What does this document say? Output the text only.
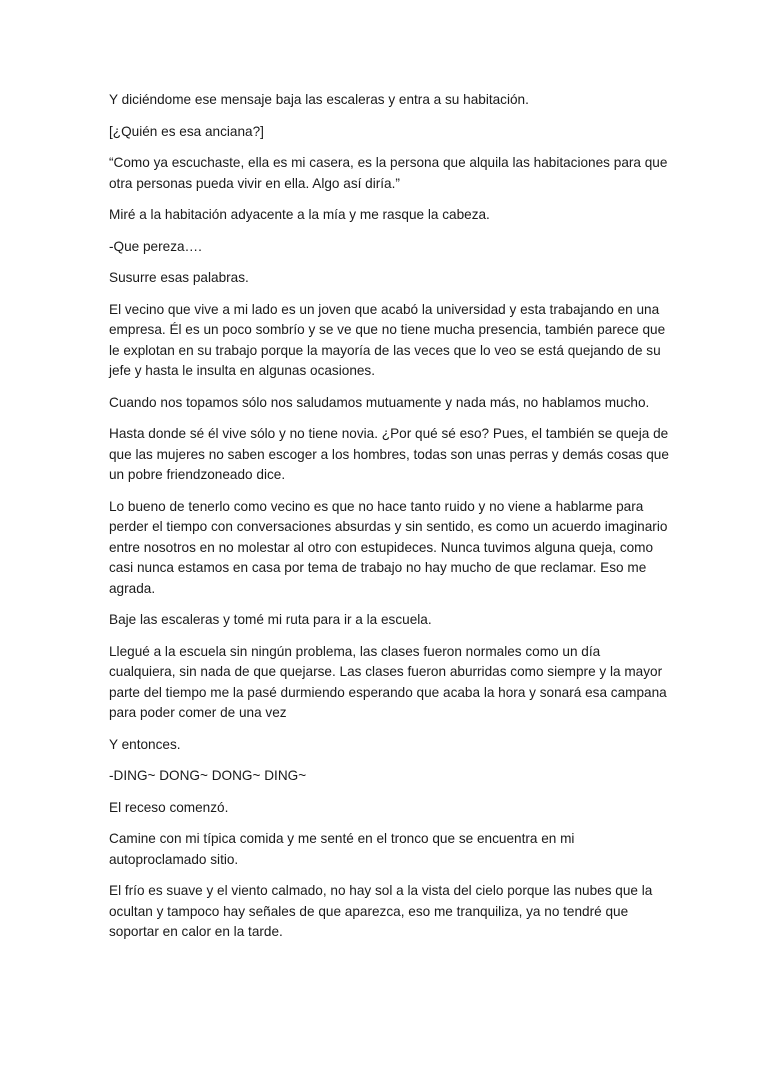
Y diciéndome ese mensaje baja las escaleras y entra a su habitación.

[¿Quién es esa anciana?]

“Como ya escuchaste, ella es mi casera, es la persona que alquila las habitaciones para que otra personas pueda vivir en ella. Algo así diría.”

Miré a la habitación adyacente a la mía y me rasque la cabeza.

-Que pereza….

Susurre esas palabras.

El vecino que vive a mi lado es un joven que acabó la universidad y esta trabajando en una empresa. Él es un poco sombrío y se ve que no tiene mucha presencia, también parece que le explotan en su trabajo porque la mayoría de las veces que lo veo se está quejando de su jefe y hasta le insulta en algunas ocasiones.

Cuando nos topamos sólo nos saludamos mutuamente y nada más, no hablamos mucho.

Hasta donde sé él vive sólo y no tiene novia. ¿Por qué sé eso? Pues, el también se queja de que las mujeres no saben escoger a los hombres, todas son unas perras y demás cosas que un pobre friendzoneado dice.

Lo bueno de tenerlo como vecino es que no hace tanto ruido y no viene a hablarme para perder el tiempo con conversaciones absurdas y sin sentido, es como un acuerdo imaginario entre nosotros en no molestar al otro con estupideces. Nunca tuvimos alguna queja, como casi nunca estamos en casa por tema de trabajo no hay mucho de que reclamar. Eso me agrada.

Baje las escaleras y tomé mi ruta para ir a la escuela.

Llegué a la escuela sin ningún problema, las clases fueron normales como un día cualquiera, sin nada de que quejarse. Las clases fueron aburridas como siempre y la mayor parte del tiempo me la pasé durmiendo esperando que acaba la hora y sonará esa campana para poder comer de una vez

Y entonces.

-DING~ DONG~ DONG~ DING~

El receso comenzó.

Camine con mi típica comida y me senté en el tronco que se encuentra en mi autoproclamado sitio.

El frío es suave y el viento calmado, no hay sol a la vista del cielo porque las nubes que la ocultan y tampoco hay señales de que aparezca, eso me tranquiliza, ya no tendré que soportar en calor en la tarde.
